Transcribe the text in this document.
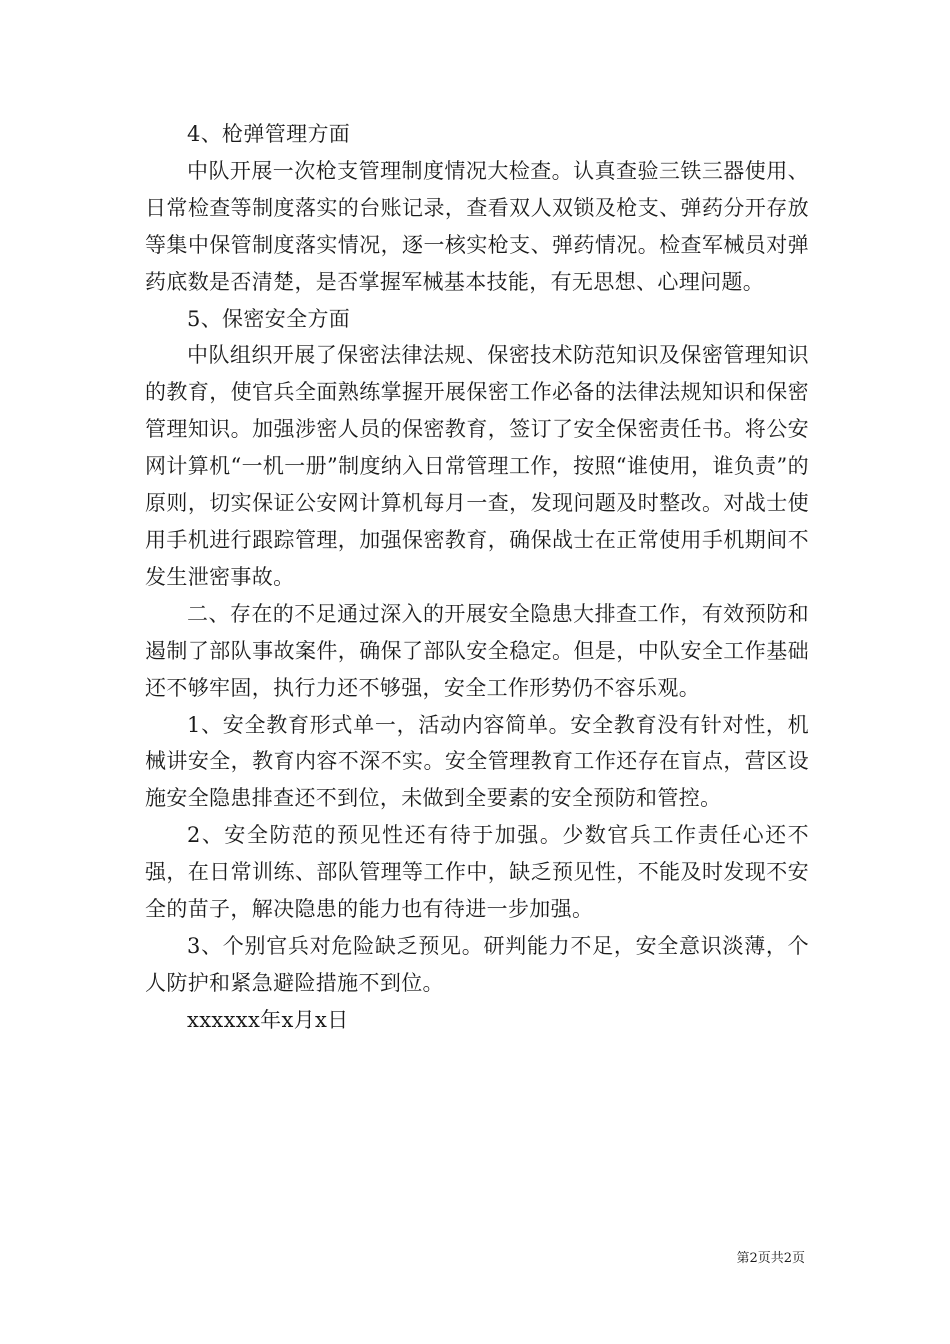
4、枪弹管理方面

中队开展一次枪支管理制度情况大检查。认真查验三铁三器使用、日常检查等制度落实的台账记录，查看双人双锁及枪支、弹药分开存放等集中保管制度落实情况，逐一核实枪支、弹药情况。检查军械员对弹药底数是否清楚，是否掌握军械基本技能，有无思想、心理问题。

5、保密安全方面

中队组织开展了保密法律法规、保密技术防范知识及保密管理知识的教育，使官兵全面熟练掌握开展保密工作必备的法律法规知识和保密管理知识。加强涉密人员的保密教育，签订了安全保密责任书。将公安网计算机“一机一册”制度纳入日常管理工作，按照“谁使用，谁负责”的原则，切实保证公安网计算机每月一查，发现问题及时整改。对战士使用手机进行跟踪管理，加强保密教育，确保战士在正常使用手机期间不发生泄密事故。

二、存在的不足通过深入的开展安全隐患大排查工作，有效预防和遏制了部队事故案件，确保了部队安全稳定。但是，中队安全工作基础还不够牢固，执行力还不够强，安全工作形势仍不容乐观。

1、安全教育形式单一，活动内容简单。安全教育没有针对性，机械讲安全，教育内容不深不实。安全管理教育工作还存在盲点，营区设施安全隐患排查还不到位，未做到全要素的安全预防和管控。

2、安全防范的预见性还有待于加强。少数官兵工作责任心还不强，在日常训练、部队管理等工作中，缺乏预见性，不能及时发现不安全的苗子，解决隐患的能力也有待进一步加强。

3、个别官兵对危险缺乏预见。研判能力不足，安全意识淡薄，个人防护和紧急避险措施不到位。

xxxxxx年x月x日

第2页共2页
